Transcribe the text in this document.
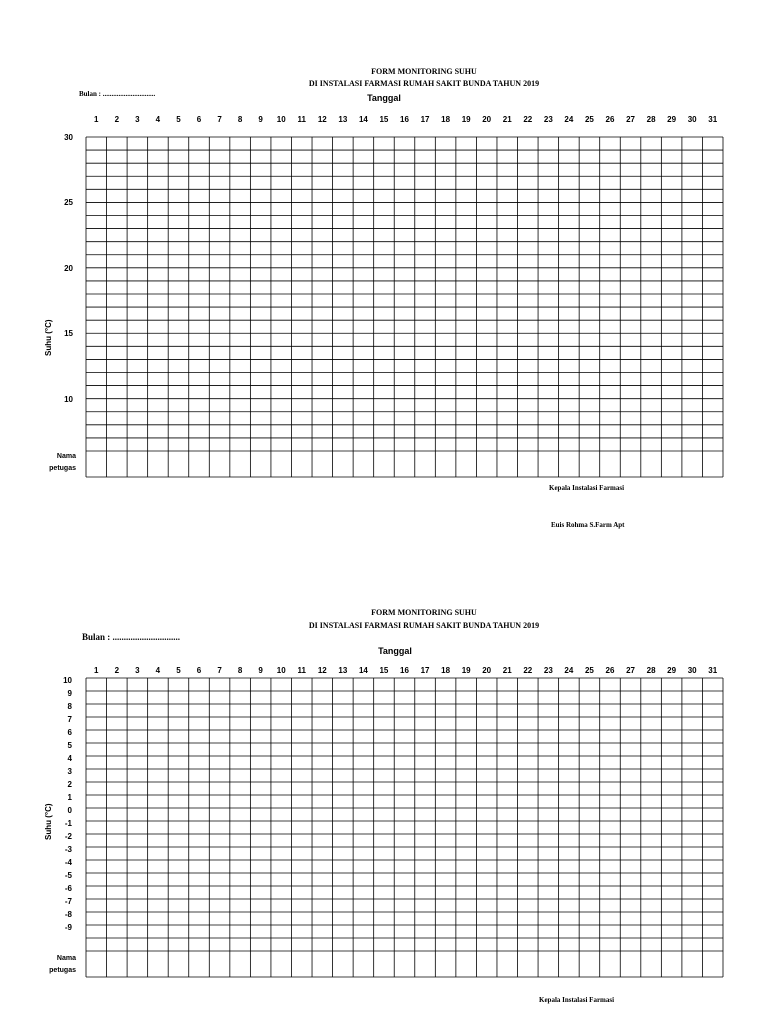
FORM MONITORING SUHU
DI INSTALASI FARMASI RUMAH SAKIT BUNDA TAHUN 2019
Bulan : ..............................	Tanggal
1	2	3	4	5	6	7	8	9	10	11	12	13	14	15	16	17	18	19	20	21	22	23	24	25	26	27	28	29	30	31
30
25
20
15
10
Suhu (°C)
Nama
petugas
Kepala Instalasi Farmasi
Euis Rohma S.Farm Apt
FORM MONITORING SUHU
DI INSTALASI FARMASI RUMAH SAKIT BUNDA TAHUN 2019
Bulan : ..............................
Tanggal
1	2	3	4	5	6	7	8	9	10	11	12	13	14	15	16	17	18	19	20	21	22	23	24	25	26	27	28	29	30	31
10
9
8
7
6
5
4
3
2
1
0
-1
-2
-3
-4
-5
-6
-7
-8
-9
Suhu (°C)
Nama
petugas
Kepala Instalasi Farmasi
